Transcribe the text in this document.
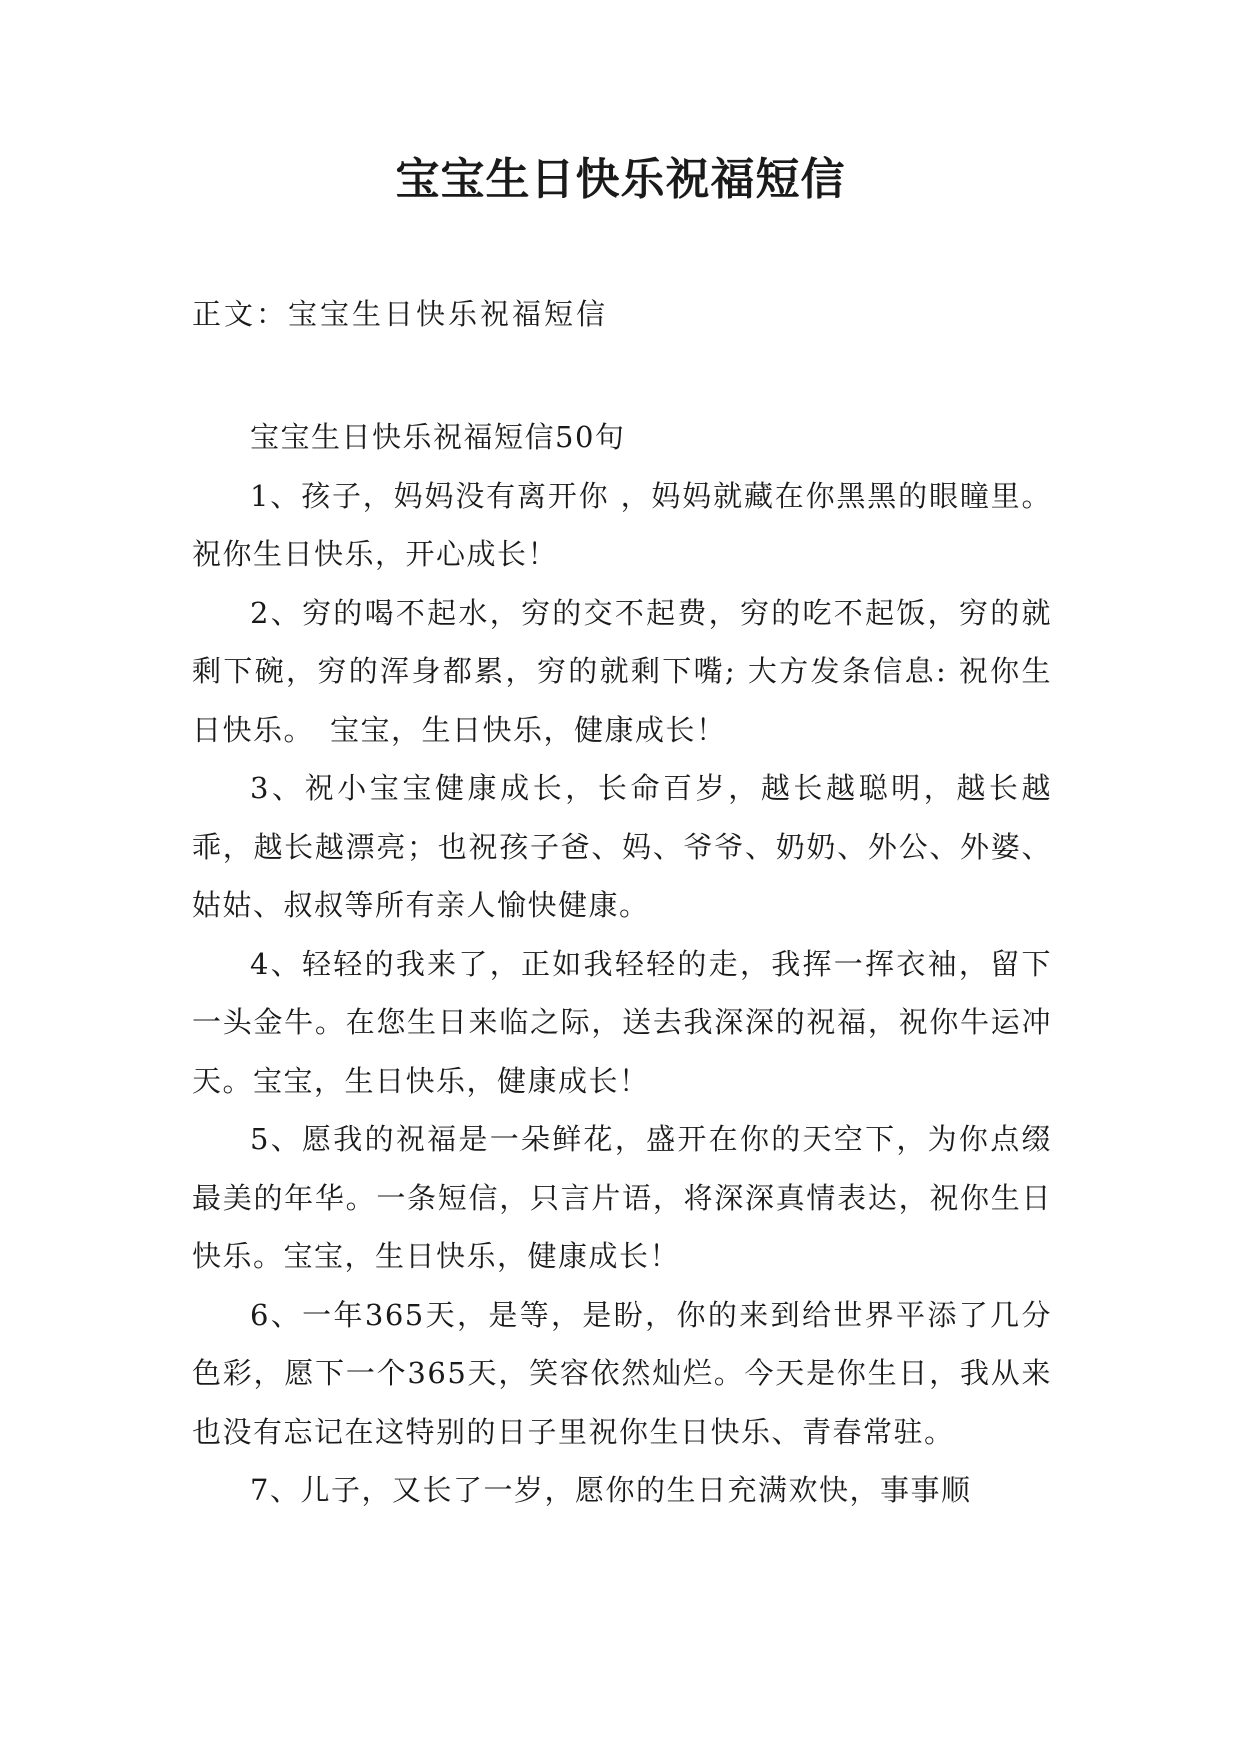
宝宝生日快乐祝福短信
正文：宝宝生日快乐祝福短信

宝宝生日快乐祝福短信50句

1、孩子，妈妈没有离开你 ，妈妈就藏在你黑黑的眼瞳里。祝你生日快乐，开心成长！

2、穷的喝不起水，穷的交不起费，穷的吃不起饭，穷的就剩下碗，穷的浑身都累，穷的就剩下嘴; 大方发条信息: 祝你生日快乐。　宝宝，生日快乐，健康成长！

3、祝小宝宝健康成长，长命百岁，越长越聪明，越长越乖，越长越漂亮；也祝孩子爸、妈、爷爷、奶奶、外公、外婆、姑姑、叔叔等所有亲人愉快健康。

4、轻轻的我来了，正如我轻轻的走，我挥一挥衣袖，留下一头金牛。在您生日来临之际，送去我深深的祝福，祝你牛运冲天。宝宝，生日快乐，健康成长！

5、愿我的祝福是一朵鲜花，盛开在你的天空下，为你点缀最美的年华。一条短信，只言片语，将深深真情表达，祝你生日快乐。宝宝，生日快乐，健康成长！

6、一年365天，是等，是盼，你的来到给世界平添了几分色彩，愿下一个365天，笑容依然灿烂。今天是你生日，我从来也没有忘记在这特别的日子里祝你生日快乐、青春常驻。

7、儿子，又长了一岁，愿你的生日充满欢快，事事顺
